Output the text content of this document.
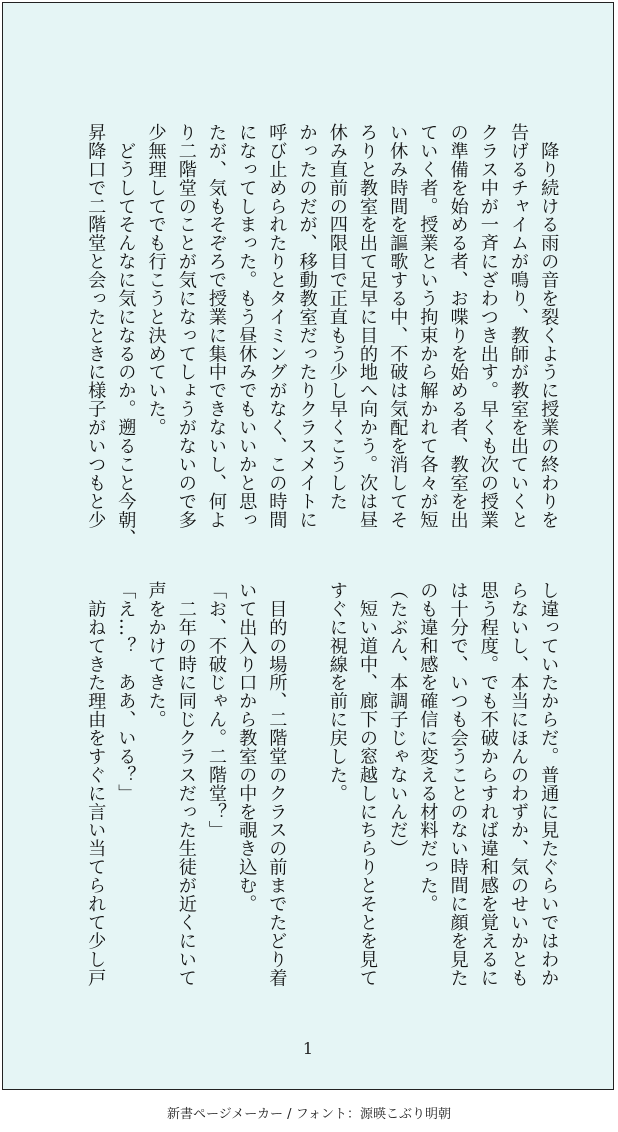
　降り続ける雨の音を裂くように授業の終わりを
告げるチャイムが鳴り、教師が教室を出ていくと
クラス中が一斉にざわつき出す。早くも次の授業
の準備を始める者、お喋りを始める者、教室を出
ていく者。授業という拘束から解かれて各々が短
い休み時間を謳歌する中、不破は気配を消してそ
ろりと教室を出て足早に目的地へ向かう。次は昼
休み直前の四限目で正直もう少し早くこうした
かったのだが、移動教室だったりクラスメイトに
呼び止められたりとタイミングがなく、この時間
になってしまった。もう昼休みでもいいかと思っ
たが、気もそぞろで授業に集中できないし、何よ
り二階堂のことが気になってしょうがないので多
少無理してでも行こうと決めていた。
　どうしてそんなに気になるのか。遡ること今朝、
昇降口で二階堂と会ったときに様子がいつもと少
し違っていたからだ。普通に見たぐらいではわか
らないし、本当にほんのわずか、気のせいかとも
思う程度。でも不破からすれば違和感を覚えるに
は十分で、いつも会うことのない時間に顔を見た
のも違和感を確信に変える材料だった。
（たぶん、本調子じゃないんだ）
　短い道中、廊下の窓越しにちらりとそとを見て
すぐに視線を前に戻した。
　目的の場所、二階堂のクラスの前までたどり着
いて出入り口から教室の中を覗き込む。
「お、不破じゃん。二階堂？」
　二年の時に同じクラスだった生徒が近くにいて
声をかけてきた。
「え…？　ああ、いる？」
　訪ねてきた理由をすぐに言い当てられて少し戸
1
新書ページメーカー / フォント：源暎こぶり明朝
